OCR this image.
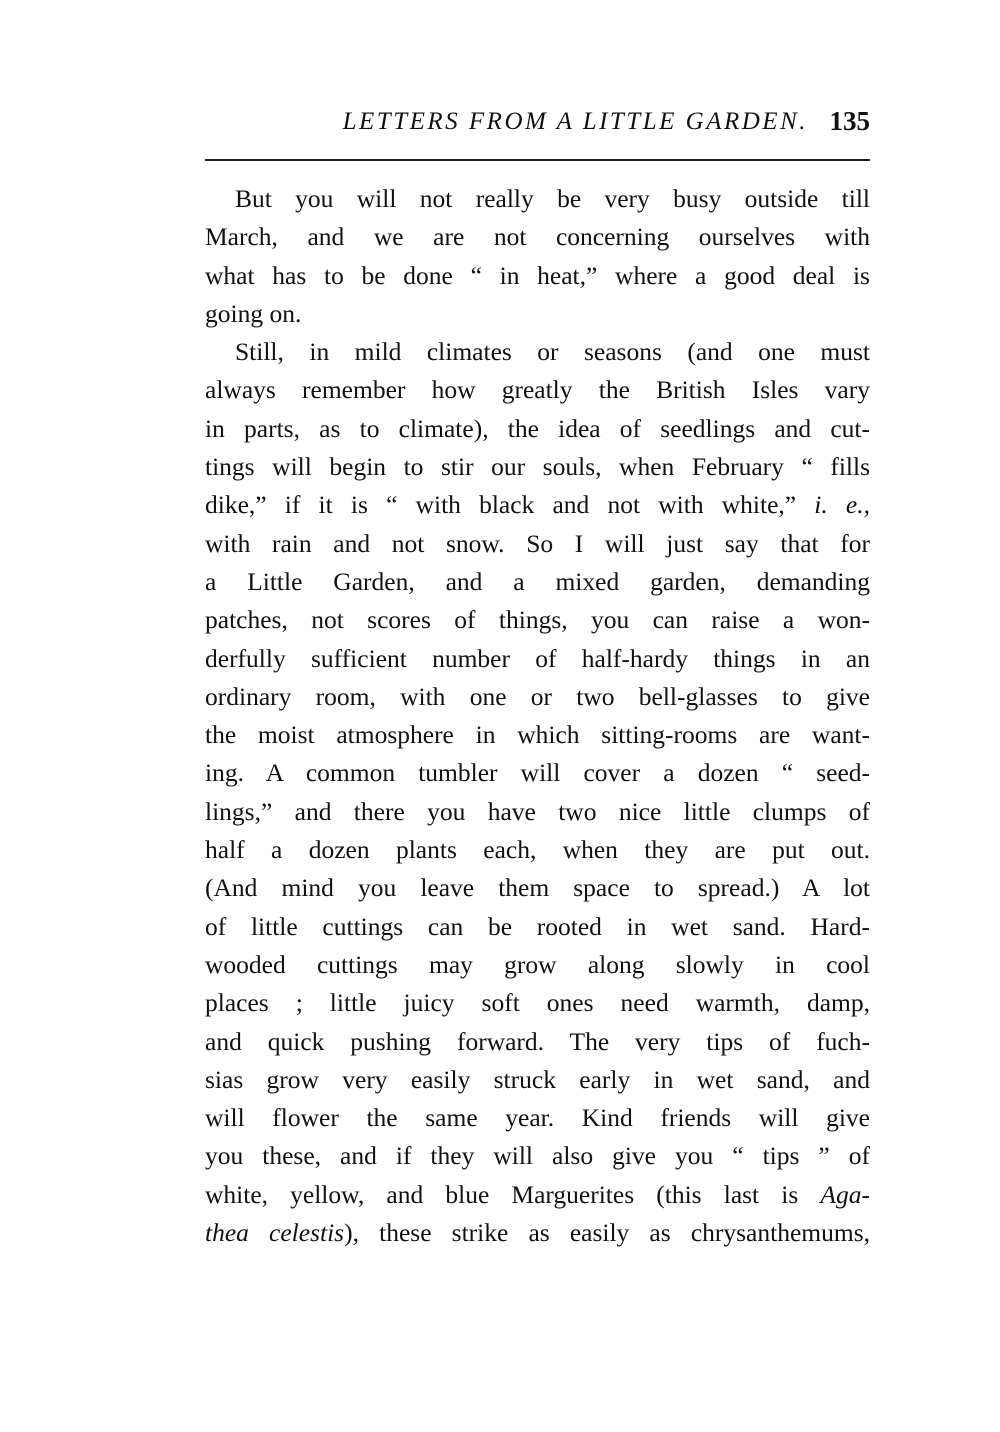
LETTERS FROM A LITTLE GARDEN. 135
But you will not really be very busy outside till
March, and we are not concerning ourselves with
what has to be done “ in heat,” where a good deal is
going on.
Still, in mild climates or seasons (and one must
always remember how greatly the British Isles vary
in parts, as to climate), the idea of seedlings and cut-
tings will begin to stir our souls, when February “ fills
dike,” if it is “ with black and not with white,” i. e.,
with rain and not snow. So I will just say that for
a Little Garden, and a mixed garden, demanding
patches, not scores of things, you can raise a won-
derfully sufficient number of half-hardy things in an
ordinary room, with one or two bell-glasses to give
the moist atmosphere in which sitting-rooms are want-
ing. A common tumbler will cover a dozen “ seed-
lings,” and there you have two nice little clumps of
half a dozen plants each, when they are put out.
(And mind you leave them space to spread.) A lot
of little cuttings can be rooted in wet sand. Hard-
wooded cuttings may grow along slowly in cool
places ; little juicy soft ones need warmth, damp,
and quick pushing forward. The very tips of fuch-
sias grow very easily struck early in wet sand, and
will flower the same year. Kind friends will give
you these, and if they will also give you “ tips ” of
white, yellow, and blue Marguerites (this last is Aga-
thea celestis), these strike as easily as chrysanthemums,
